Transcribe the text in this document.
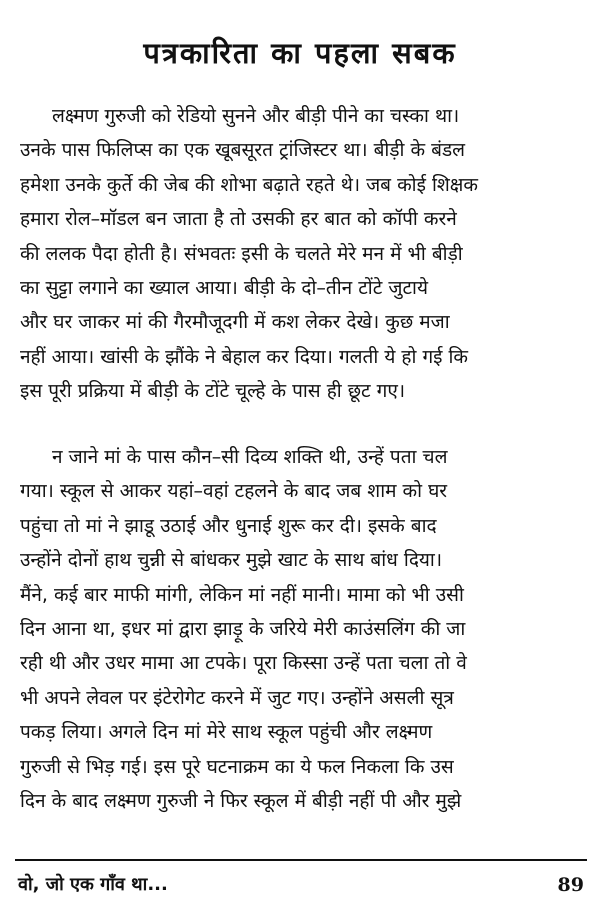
पत्रकारिता का पहला सबक

लक्ष्मण गुरुजी को रेडियो सुनने और बीड़ी पीने का चस्का था।
उनके पास फिलिप्स का एक खूबसूरत ट्रांजिस्टर था। बीड़ी के बंडल
हमेशा उनके कुर्ते की जेब की शोभा बढ़ाते रहते थे। जब कोई शिक्षक
हमारा रोल–मॉडल बन जाता है तो उसकी हर बात को कॉपी करने
की ललक पैदा होती है। संभवतः इसी के चलते मेरे मन में भी बीड़ी
का सुट्टा लगाने का ख्याल आया। बीड़ी के दो–तीन टोंटे जुटाये
और घर जाकर मां की गैरमौजूदगी में कश लेकर देखे। कुछ मजा
नहीं आया। खांसी के झौंके ने बेहाल कर दिया। गलती ये हो गई कि
इस पूरी प्रक्रिया में बीड़ी के टोंटे चूल्हे के पास ही छूट गए।

न जाने मां के पास कौन–सी दिव्य शक्ति थी, उन्हें पता चल
गया। स्कूल से आकर यहां–वहां टहलने के बाद जब शाम को घर
पहुंचा तो मां ने झाडू उठाई और धुनाई शुरू कर दी। इसके बाद
उन्होंने दोनों हाथ चुन्नी से बांधकर मुझे खाट के साथ बांध दिया।
मैंने, कई बार माफी मांगी, लेकिन मां नहीं मानी। मामा को भी उसी
दिन आना था, इधर मां द्वारा झाड़ू के जरिये मेरी काउंसलिंग की जा
रही थी और उधर मामा आ टपके। पूरा किस्सा उन्हें पता चला तो वे
भी अपने लेवल पर इंटेरोगेट करने में जुट गए। उन्होंने असली सूत्र
पकड़ लिया। अगले दिन मां मेरे साथ स्कूल पहुंची और लक्ष्मण
गुरुजी से भिड़ गई। इस पूरे घटनाक्रम का ये फल निकला कि उस
दिन के बाद लक्ष्मण गुरुजी ने फिर स्कूल में बीड़ी नहीं पी और मुझे

वो, जो एक गाँव था...	89
